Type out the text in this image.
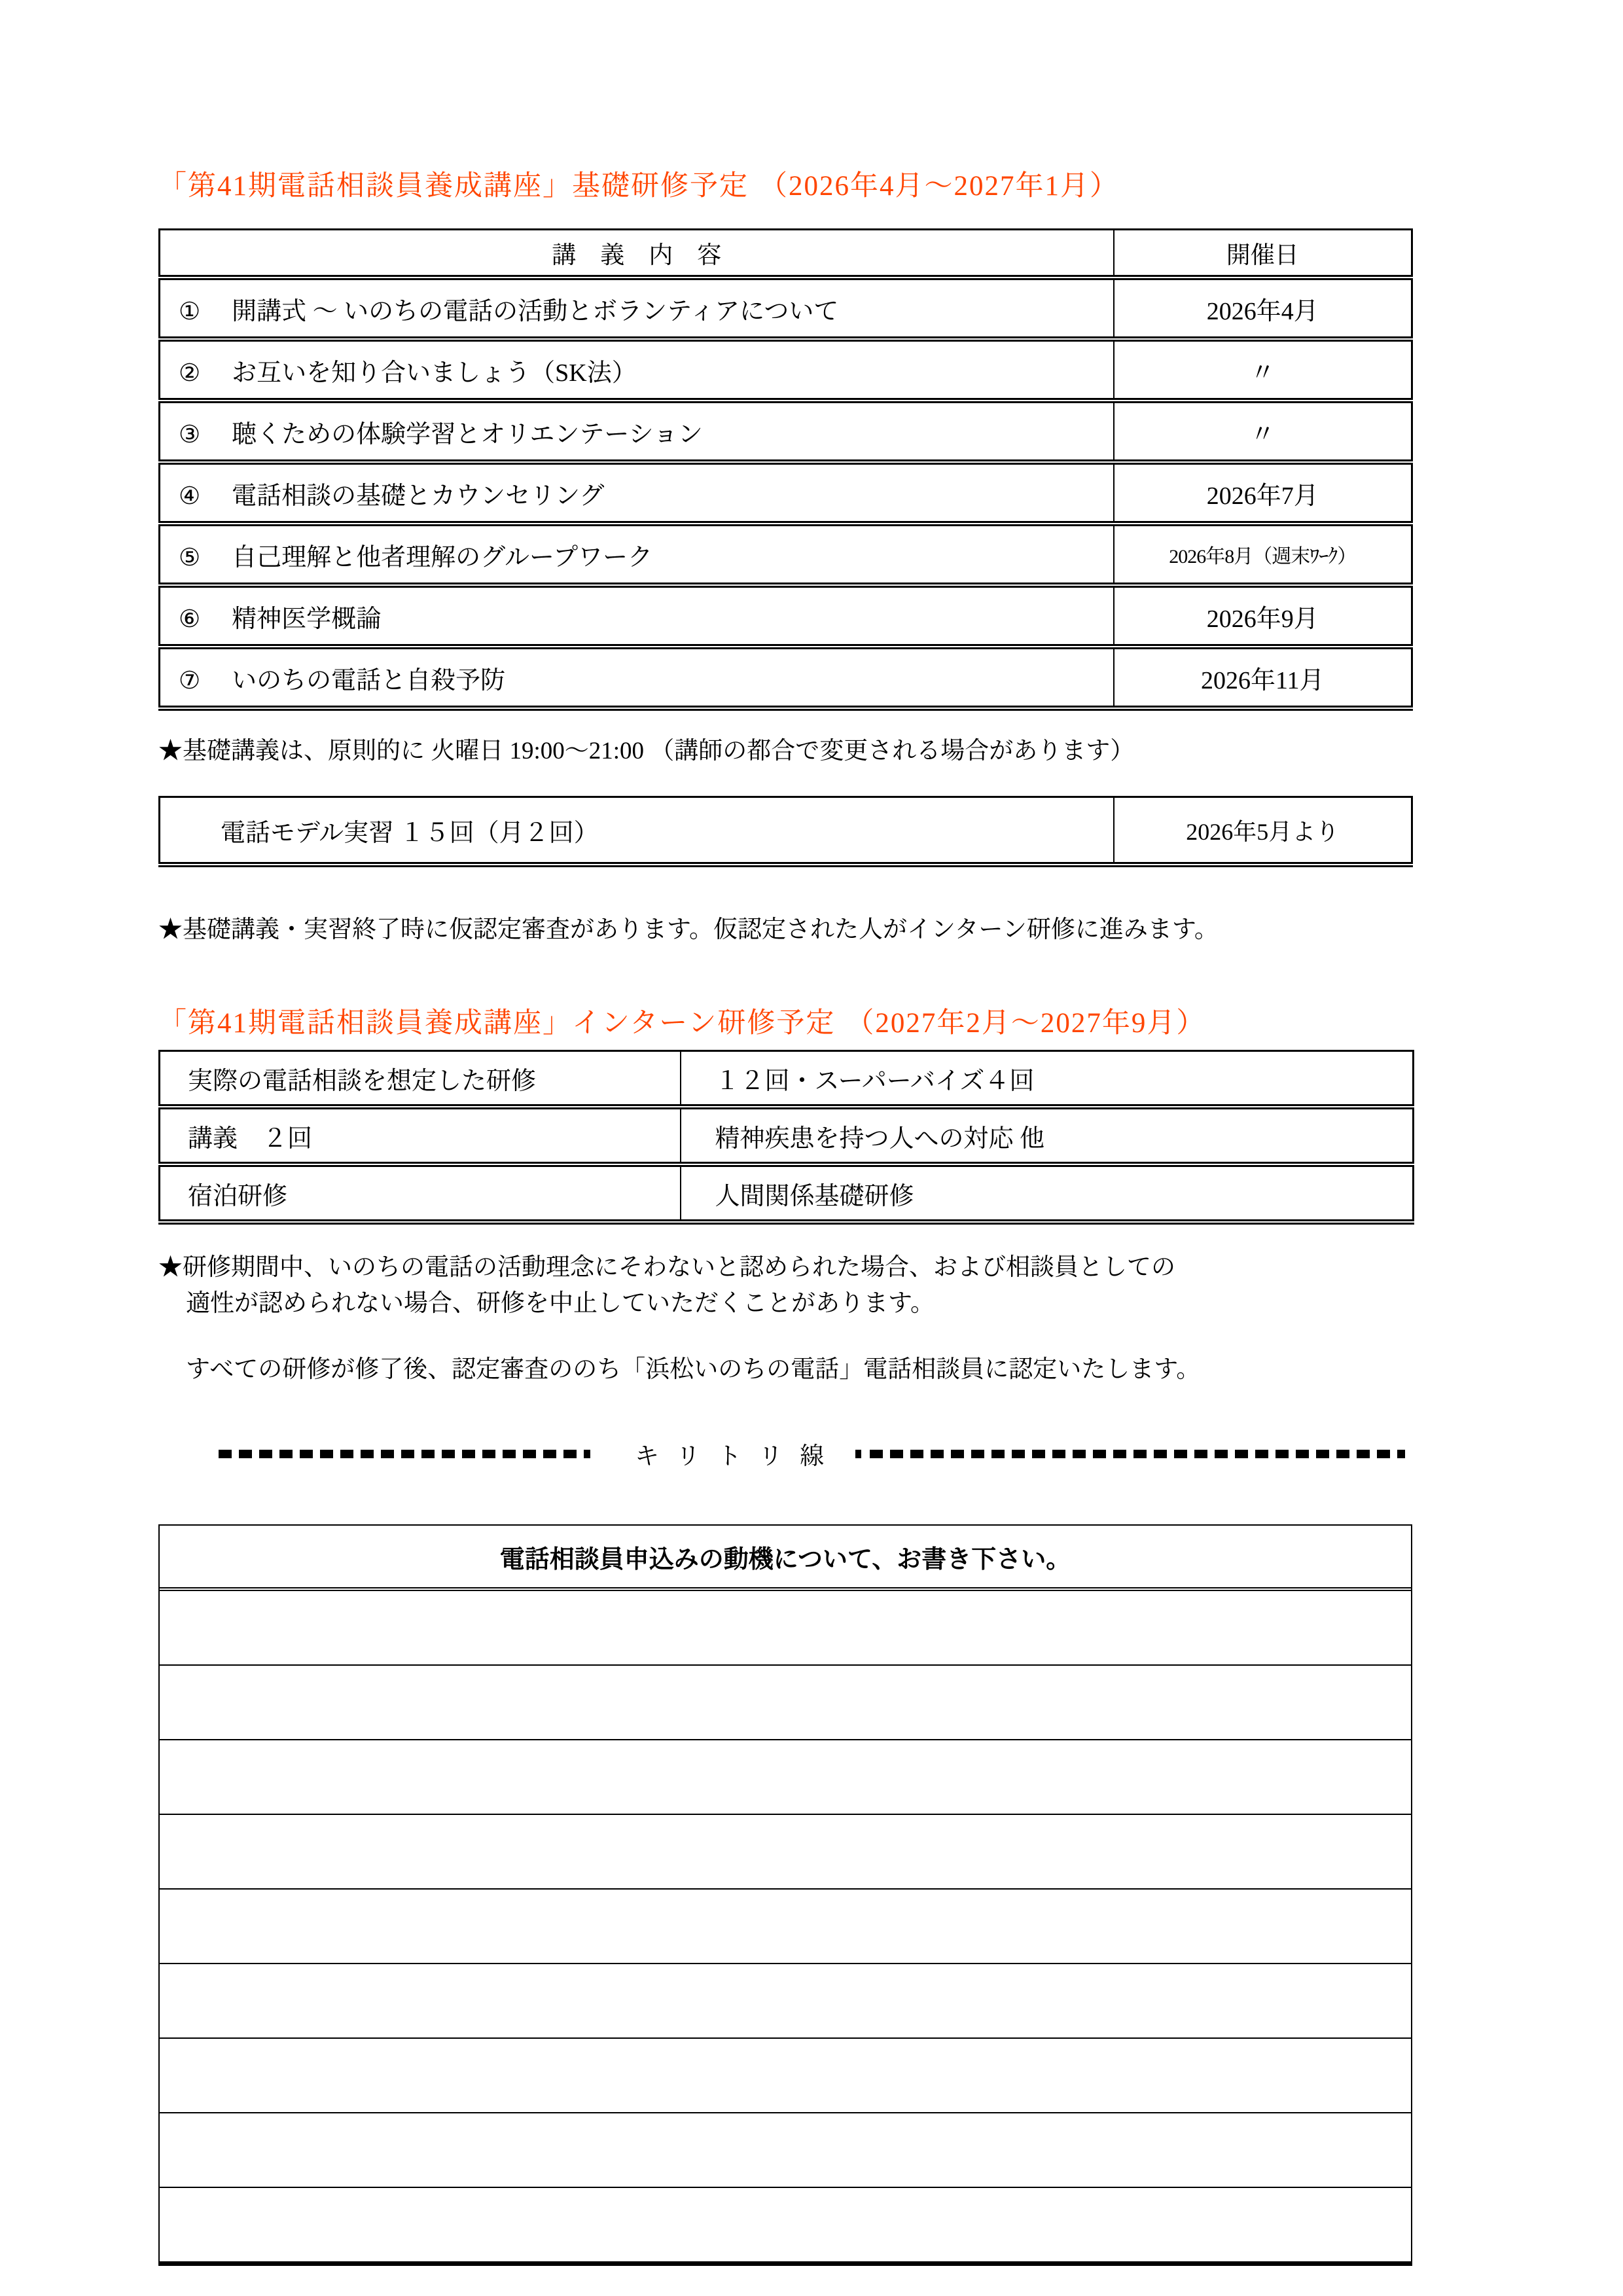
「第41期電話相談員養成講座」基礎研修予定 （2026年4月～2027年1月）
講　義　内　容	開催日
① 開講式 ～ いのちの電話の活動とボランティアについて	2026年4月
② お互いを知り合いましょう（SK法）	〃
③ 聴くための体験学習とオリエンテーション	〃
④ 電話相談の基礎とカウンセリング	2026年7月
⑤ 自己理解と他者理解のグループワーク	2026年8月（週末ﾜｰｸ）
⑥ 精神医学概論	2026年9月
⑦ いのちの電話と自殺予防	2026年11月

★基礎講義は、原則的に 火曜日 19:00～21:00 （講師の都合で変更される場合があります）

電話モデル実習 １５回（月２回）	2026年5月より

★基礎講義・実習終了時に仮認定審査があります。仮認定された人がインターン研修に進みます。

「第41期電話相談員養成講座」インターン研修予定 （2027年2月～2027年9月）
実際の電話相談を想定した研修	１２回・スーパーバイズ４回
講義　２回	精神疾患を持つ人への対応 他
宿泊研修	人間関係基礎研修

★研修期間中、いのちの電話の活動理念にそわないと認められた場合、および相談員としての
適性が認められない場合、研修を中止していただくことがあります。

すべての研修が修了後、認定審査ののち「浜松いのちの電話」電話相談員に認定いたします。

キリトリ線
電話相談員申込みの動機について、お書き下さい。
